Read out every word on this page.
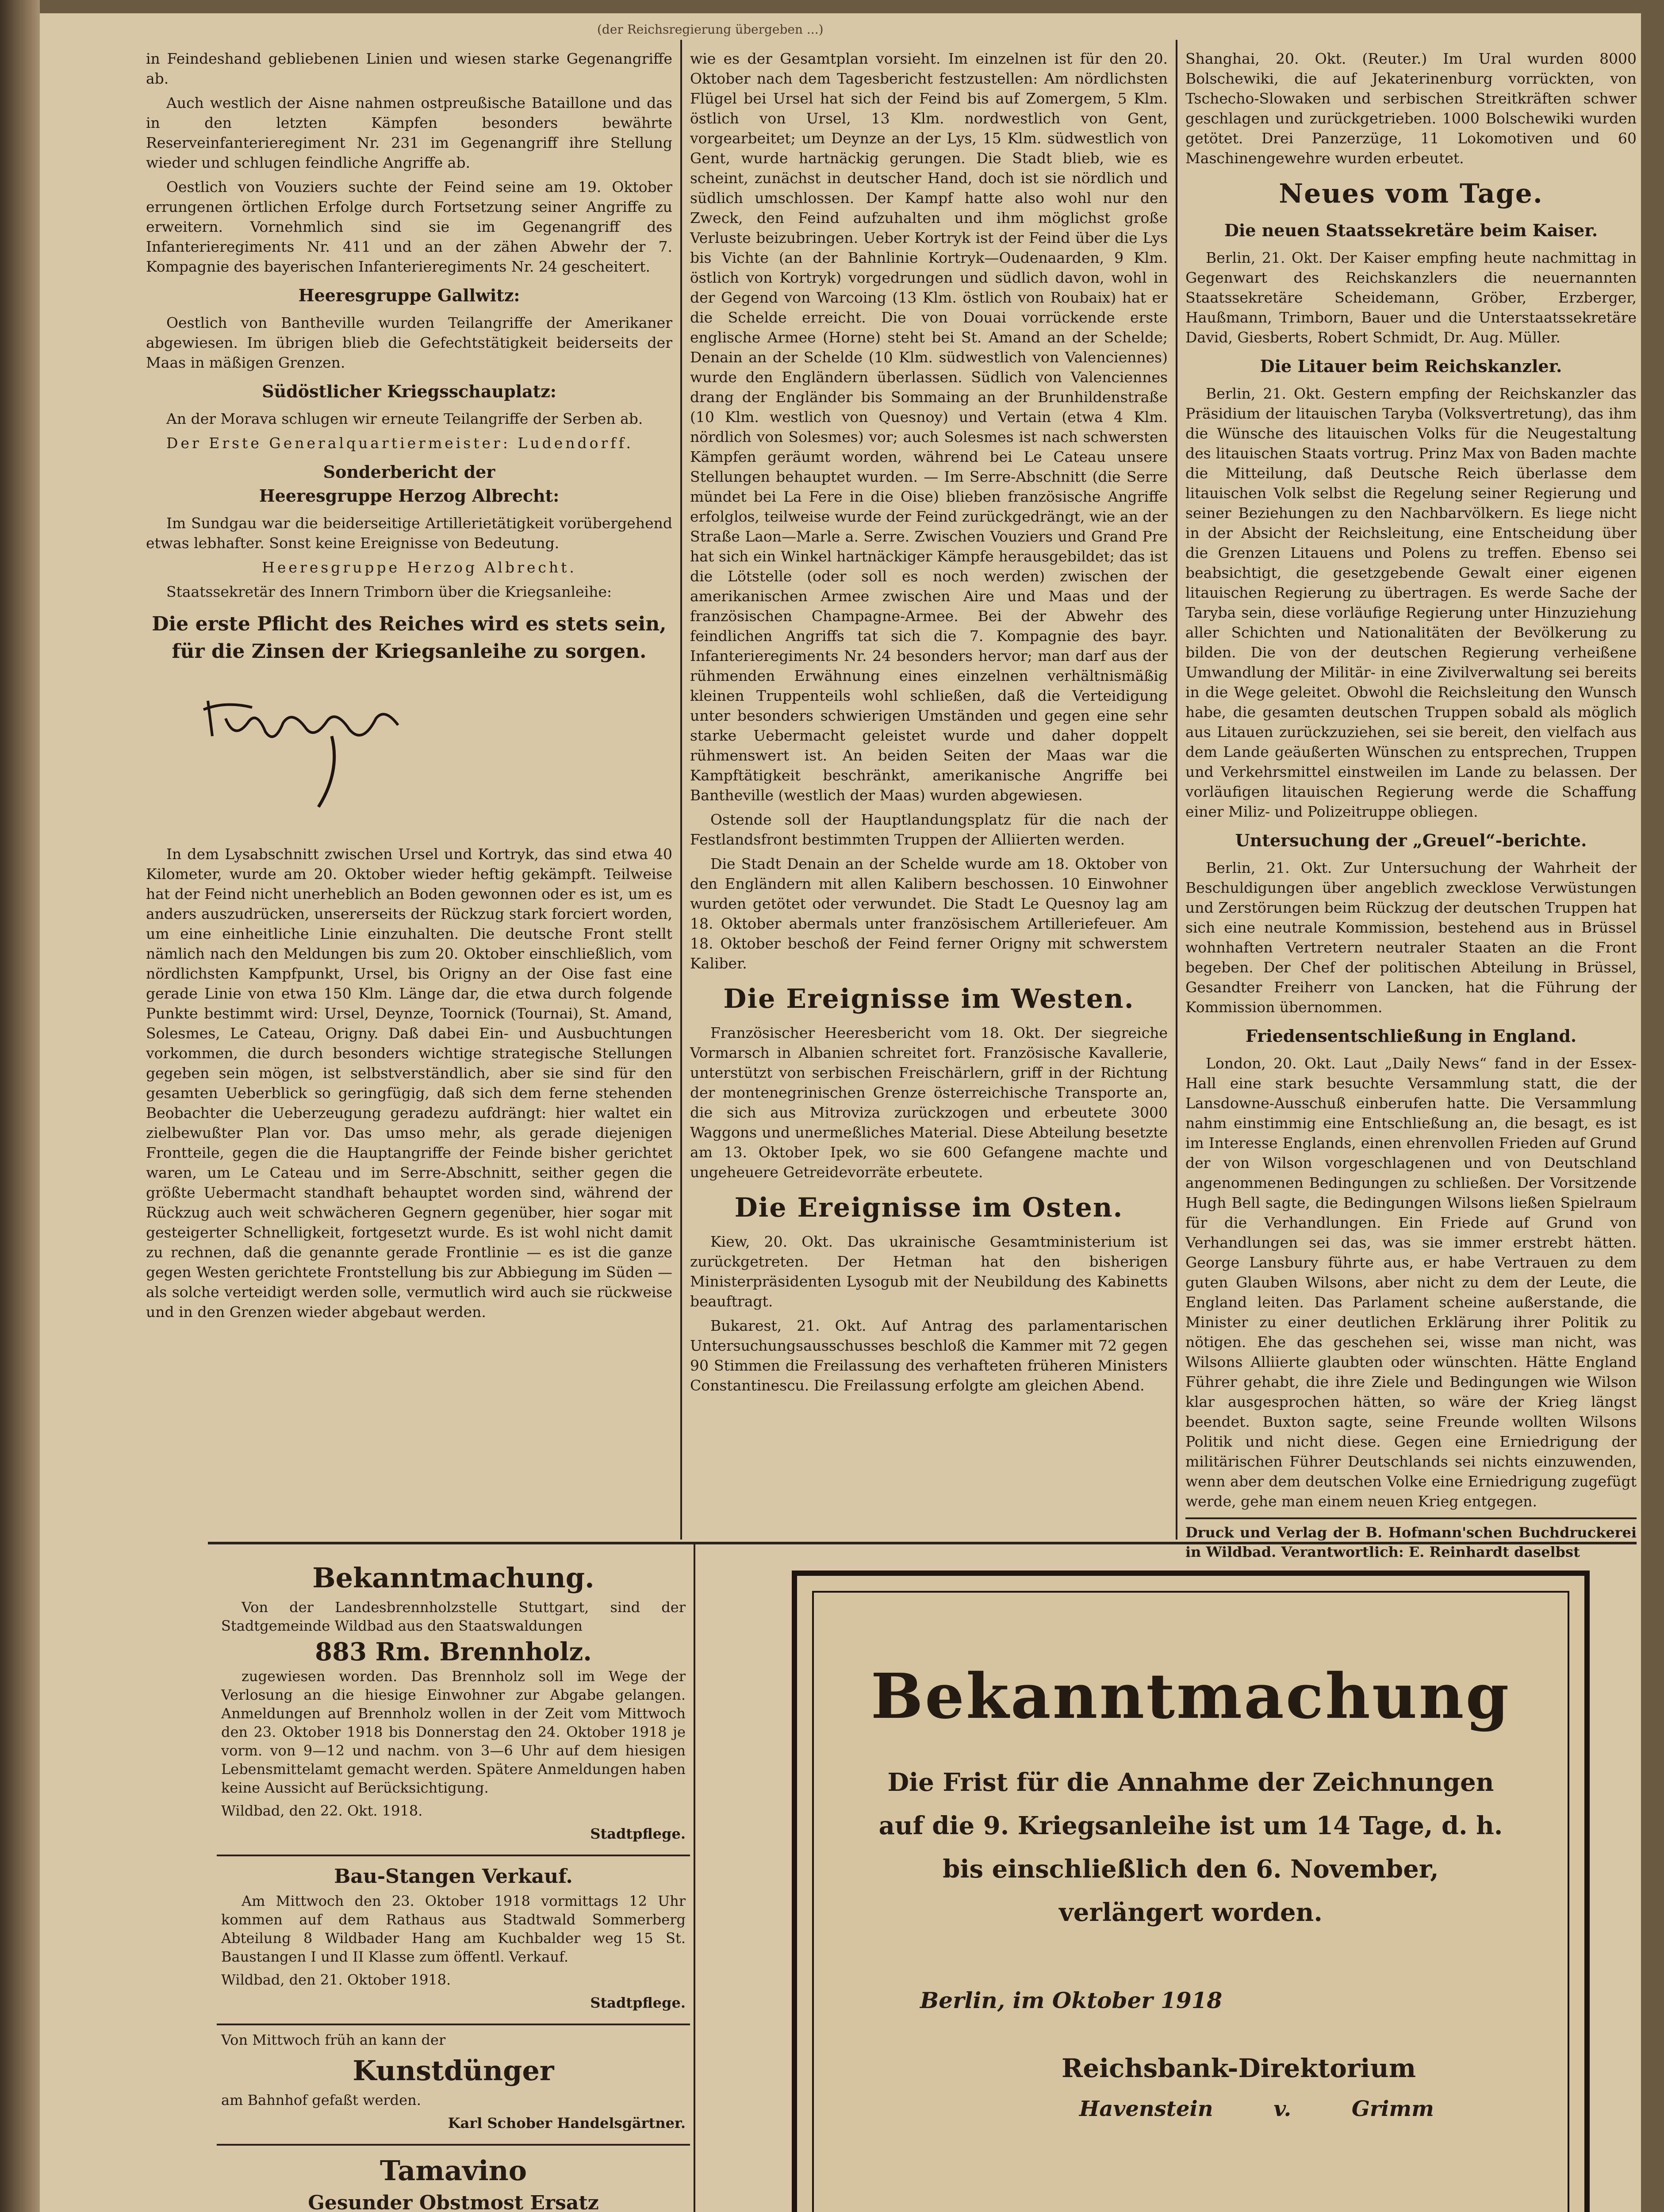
(der Reichsregierung übergeben ...)

in Feindeshand gebliebenen Linien und wiesen starke Gegenangriffe ab.

Auch westlich der Aisne nahmen ostpreußische Bataillone und das in den letzten Kämpfen besonders bewährte Reserveinfanterieregiment Nr. 231 im Gegenangriff ihre Stellung wieder und schlugen feindliche Angriffe ab.

Oestlich von Vouziers suchte der Feind seine am 19. Oktober errungenen örtlichen Erfolge durch Fortsetzung seiner Angriffe zu erweitern. Vornehmlich sind sie im Gegenangriff des Infanterieregiments Nr. 411 und an der zähen Abwehr der 7. Kompagnie des bayerischen Infanterieregiments Nr. 24 gescheitert.

Heeresgruppe Gallwitz:

Oestlich von Bantheville wurden Teilangriffe der Amerikaner abgewiesen. Im übrigen blieb die Gefechtstätigkeit beiderseits der Maas in mäßigen Grenzen.

Südöstlicher Kriegsschauplatz:

An der Morava schlugen wir erneute Teilangriffe der Serben ab.

Der Erste Generalquartiermeister: Ludendorff.

Sonderbericht der
Heeresgruppe Herzog Albrecht:

Im Sundgau war die beiderseitige Artillerietätigkeit vorübergehend etwas lebhafter. Sonst keine Ereignisse von Bedeutung.

Heeresgruppe Herzog Albrecht.

Staatssekretär des Innern Trimborn über die Kriegsanleihe:

Die erste Pflicht des Reiches wird es stets sein, für die Zinsen der Kriegsanleihe zu sorgen.

In dem Lysabschnitt zwischen Ursel und Kortryk, das sind etwa 40 Kilometer, wurde am 20. Oktober wieder heftig gekämpft. Teilweise hat der Feind nicht unerheblich an Boden gewonnen oder es ist, um es anders auszudrücken, unsererseits der Rückzug stark forciert worden, um eine einheitliche Linie einzuhalten. Die deutsche Front stellt nämlich nach den Meldungen bis zum 20. Oktober einschließlich, vom nördlichsten Kampfpunkt, Ursel, bis Origny an der Oise fast eine gerade Linie von etwa 150 Klm. Länge dar, die etwa durch folgende Punkte bestimmt wird: Ursel, Deynze, Toornick (Tournai), St. Amand, Solesmes, Le Cateau, Origny. Daß dabei Ein- und Ausbuchtungen vorkommen, die durch besonders wichtige strategische Stellungen gegeben sein mögen, ist selbstverständlich, aber sie sind für den gesamten Ueberblick so geringfügig, daß sich dem ferne stehenden Beobachter die Ueberzeugung geradezu aufdrängt: hier waltet ein zielbewußter Plan vor. Das umso mehr, als gerade diejenigen Frontteile, gegen die die Hauptangriffe der Feinde bisher gerichtet waren, um Le Cateau und im Serre-Abschnitt, seither gegen die größte Uebermacht standhaft behauptet worden sind, während der Rückzug auch weit schwächeren Gegnern gegenüber, hier sogar mit gesteigerter Schnelligkeit, fortgesetzt wurde. Es ist wohl nicht damit zu rechnen, daß die genannte gerade Frontlinie — es ist die ganze gegen Westen gerichtete Frontstellung bis zur Abbiegung im Süden — als solche verteidigt werden solle, vermutlich wird auch sie rückweise und in den Grenzen wieder abgebaut werden.

wie es der Gesamtplan vorsieht. Im einzelnen ist für den 20. Oktober nach dem Tagesbericht festzustellen: Am nördlichsten Flügel bei Ursel hat sich der Feind bis auf Zomergem, 5 Klm. östlich von Ursel, 13 Klm. nordwestlich von Gent, vorgearbeitet; um Deynze an der Lys, 15 Klm. südwestlich von Gent, wurde hartnäckig gerungen. Die Stadt blieb, wie es scheint, zunächst in deutscher Hand, doch ist sie nördlich und südlich umschlossen. Der Kampf hatte also wohl nur den Zweck, den Feind aufzuhalten und ihm möglichst große Verluste beizubringen. Ueber Kortryk ist der Feind über die Lys bis Vichte (an der Bahnlinie Kortryk—Oudenaarden, 9 Klm. östlich von Kortryk) vorgedrungen und südlich davon, wohl in der Gegend von Warcoing (13 Klm. östlich von Roubaix) hat er die Schelde erreicht. Die von Douai vorrückende erste englische Armee (Horne) steht bei St. Amand an der Schelde; Denain an der Schelde (10 Klm. südwestlich von Valenciennes) wurde den Engländern überlassen. Südlich von Valenciennes drang der Engländer bis Sommaing an der Brunhildenstraße (10 Klm. westlich von Quesnoy) und Vertain (etwa 4 Klm. nördlich von Solesmes) vor; auch Solesmes ist nach schwersten Kämpfen geräumt worden, während bei Le Cateau unsere Stellungen behauptet wurden. — Im Serre-Abschnitt (die Serre mündet bei La Fere in die Oise) blieben französische Angriffe erfolglos, teilweise wurde der Feind zurückgedrängt, wie an der Straße Laon—Marle a. Serre. Zwischen Vouziers und Grand Pre hat sich ein Winkel hartnäckiger Kämpfe herausgebildet; das ist die Lötstelle (oder soll es noch werden) zwischen der amerikanischen Armee zwischen Aire und Maas und der französischen Champagne-Armee. Bei der Abwehr des feindlichen Angriffs tat sich die 7. Kompagnie des bayr. Infanterieregiments Nr. 24 besonders hervor; man darf aus der rühmenden Erwähnung eines einzelnen verhältnismäßig kleinen Truppenteils wohl schließen, daß die Verteidigung unter besonders schwierigen Umständen und gegen eine sehr starke Uebermacht geleistet wurde und daher doppelt rühmenswert ist. An beiden Seiten der Maas war die Kampftätigkeit beschränkt, amerikanische Angriffe bei Bantheville (westlich der Maas) wurden abgewiesen.

Ostende soll der Hauptlandungsplatz für die nach der Festlandsfront bestimmten Truppen der Alliierten werden.

Die Stadt Denain an der Schelde wurde am 18. Oktober von den Engländern mit allen Kalibern beschossen. 10 Einwohner wurden getötet oder verwundet. Die Stadt Le Quesnoy lag am 18. Oktober abermals unter französischem Artilleriefeuer. Am 18. Oktober beschoß der Feind ferner Origny mit schwerstem Kaliber.

Die Ereignisse im Westen.

Französischer Heeresbericht vom 18. Okt. Der siegreiche Vormarsch in Albanien schreitet fort. Französische Kavallerie, unterstützt von serbischen Freischärlern, griff in der Richtung der montenegrinischen Grenze österreichische Transporte an, die sich aus Mitroviza zurückzogen und erbeutete 3000 Waggons und unermeßliches Material. Diese Abteilung besetzte am 13. Oktober Ipek, wo sie 600 Gefangene machte und ungeheuere Getreidevorräte erbeutete.

Die Ereignisse im Osten.

Kiew, 20. Okt. Das ukrainische Gesamtministerium ist zurückgetreten. Der Hetman hat den bisherigen Ministerpräsidenten Lysogub mit der Neubildung des Kabinetts beauftragt.

Bukarest, 21. Okt. Auf Antrag des parlamentarischen Untersuchungsausschusses beschloß die Kammer mit 72 gegen 90 Stimmen die Freilassung des verhafteten früheren Ministers Constantinescu. Die Freilassung erfolgte am gleichen Abend.

Shanghai, 20. Okt. (Reuter.) Im Ural wurden 8000 Bolschewiki, die auf Jekaterinenburg vorrückten, von Tschecho-Slowaken und serbischen Streitkräften schwer geschlagen und zurückgetrieben. 1000 Bolschewiki wurden getötet. Drei Panzerzüge, 11 Lokomotiven und 60 Maschinengewehre wurden erbeutet.

Neues vom Tage.
Die neuen Staatssekretäre beim Kaiser.

Berlin, 21. Okt. Der Kaiser empfing heute nachmittag in Gegenwart des Reichskanzlers die neuernannten Staatssekretäre Scheidemann, Gröber, Erzberger, Haußmann, Trimborn, Bauer und die Unterstaatssekretäre David, Giesberts, Robert Schmidt, Dr. Aug. Müller.

Die Litauer beim Reichskanzler.

Berlin, 21. Okt. Gestern empfing der Reichskanzler das Präsidium der litauischen Taryba (Volksvertretung), das ihm die Wünsche des litauischen Volks für die Neugestaltung des litauischen Staats vortrug. Prinz Max von Baden machte die Mitteilung, daß Deutsche Reich überlasse dem litauischen Volk selbst die Regelung seiner Regierung und seiner Beziehungen zu den Nachbarvölkern. Es liege nicht in der Absicht der Reichsleitung, eine Entscheidung über die Grenzen Litauens und Polens zu treffen. Ebenso sei beabsichtigt, die gesetzgebende Gewalt einer eigenen litauischen Regierung zu übertragen. Es werde Sache der Taryba sein, diese vorläufige Regierung unter Hinzuziehung aller Schichten und Nationalitäten der Bevölkerung zu bilden. Die von der deutschen Regierung verheißene Umwandlung der Militär- in eine Zivilverwaltung sei bereits in die Wege geleitet. Obwohl die Reichsleitung den Wunsch habe, die gesamten deutschen Truppen sobald als möglich aus Litauen zurückzuziehen, sei sie bereit, den vielfach aus dem Lande geäußerten Wünschen zu entsprechen, Truppen und Verkehrsmittel einstweilen im Lande zu belassen. Der vorläufigen litauischen Regierung werde die Schaffung einer Miliz- und Polizeitruppe obliegen.

Untersuchung der „Greuel“-berichte.

Berlin, 21. Okt. Zur Untersuchung der Wahrheit der Beschuldigungen über angeblich zwecklose Verwüstungen und Zerstörungen beim Rückzug der deutschen Truppen hat sich eine neutrale Kommission, bestehend aus in Brüssel wohnhaften Vertretern neutraler Staaten an die Front begeben. Der Chef der politischen Abteilung in Brüssel, Gesandter Freiherr von Lancken, hat die Führung der Kommission übernommen.

Friedensentschließung in England.

London, 20. Okt. Laut „Daily News“ fand in der Essex-Hall eine stark besuchte Versammlung statt, die der Lansdowne-Ausschuß einberufen hatte. Die Versammlung nahm einstimmig eine Entschließung an, die besagt, es ist im Interesse Englands, einen ehrenvollen Frieden auf Grund der von Wilson vorgeschlagenen und von Deutschland angenommenen Bedingungen zu schließen. Der Vorsitzende Hugh Bell sagte, die Bedingungen Wilsons ließen Spielraum für die Verhandlungen. Ein Friede auf Grund von Verhandlungen sei das, was sie immer erstrebt hätten. George Lansbury führte aus, er habe Vertrauen zu dem guten Glauben Wilsons, aber nicht zu dem der Leute, die England leiten. Das Parlament scheine außerstande, die Minister zu einer deutlichen Erklärung ihrer Politik zu nötigen. Ehe das geschehen sei, wisse man nicht, was Wilsons Alliierte glaubten oder wünschten. Hätte England Führer gehabt, die ihre Ziele und Bedingungen wie Wilson klar ausgesprochen hätten, so wäre der Krieg längst beendet. Buxton sagte, seine Freunde wollten Wilsons Politik und nicht diese. Gegen eine Erniedrigung der militärischen Führer Deutschlands sei nichts einzuwenden, wenn aber dem deutschen Volke eine Erniedrigung zugefügt werde, gehe man einem neuen Krieg entgegen.

Druck und Verlag der B. Hofmann'schen Buchdruckerei in Wildbad. Verantwortlich: E. Reinhardt daselbst

Bekanntmachung.

Von der Landesbrennholzstelle Stuttgart, sind der Stadtgemeinde Wildbad aus den Staatswaldungen

883 Rm. Brennholz.

zugewiesen worden. Das Brennholz soll im Wege der Verlosung an die hiesige Einwohner zur Abgabe gelangen. Anmeldungen auf Brennholz wollen in der Zeit vom Mittwoch den 23. Oktober 1918 bis Donnerstag den 24. Oktober 1918 je vorm. von 9—12 und nachm. von 3—6 Uhr auf dem hiesigen Lebensmittelamt gemacht werden. Spätere Anmeldungen haben keine Aussicht auf Berücksichtigung.

Wildbad, den 22. Okt. 1918.

Stadtpflege.

Bau-Stangen Verkauf.

Am Mittwoch den 23. Oktober 1918 vormittags 12 Uhr kommen auf dem Rathaus aus Stadtwald Sommerberg Abteilung 8 Wildbader Hang am Kuchbalder weg 15 St. Baustangen I und II Klasse zum öffentl. Verkauf.

Wildbad, den 21. Oktober 1918.

Stadtpflege.

Von Mittwoch früh an kann der

Kunstdünger

am Bahnhof gefaßt werden.

Karl Schober Handelsgärtner.

Tamavino

Gesunder Obstmost Ersatz

Bekanntmachung
Die Frist für die Annahme der Zeichnungen auf die 9. Kriegsanleihe ist um 14 Tage, d. h. bis einschließlich den 6. November, verlängert worden.
Berlin, im Oktober 1918
Reichsbank-Direktorium
Havenstein	v. Grimm
